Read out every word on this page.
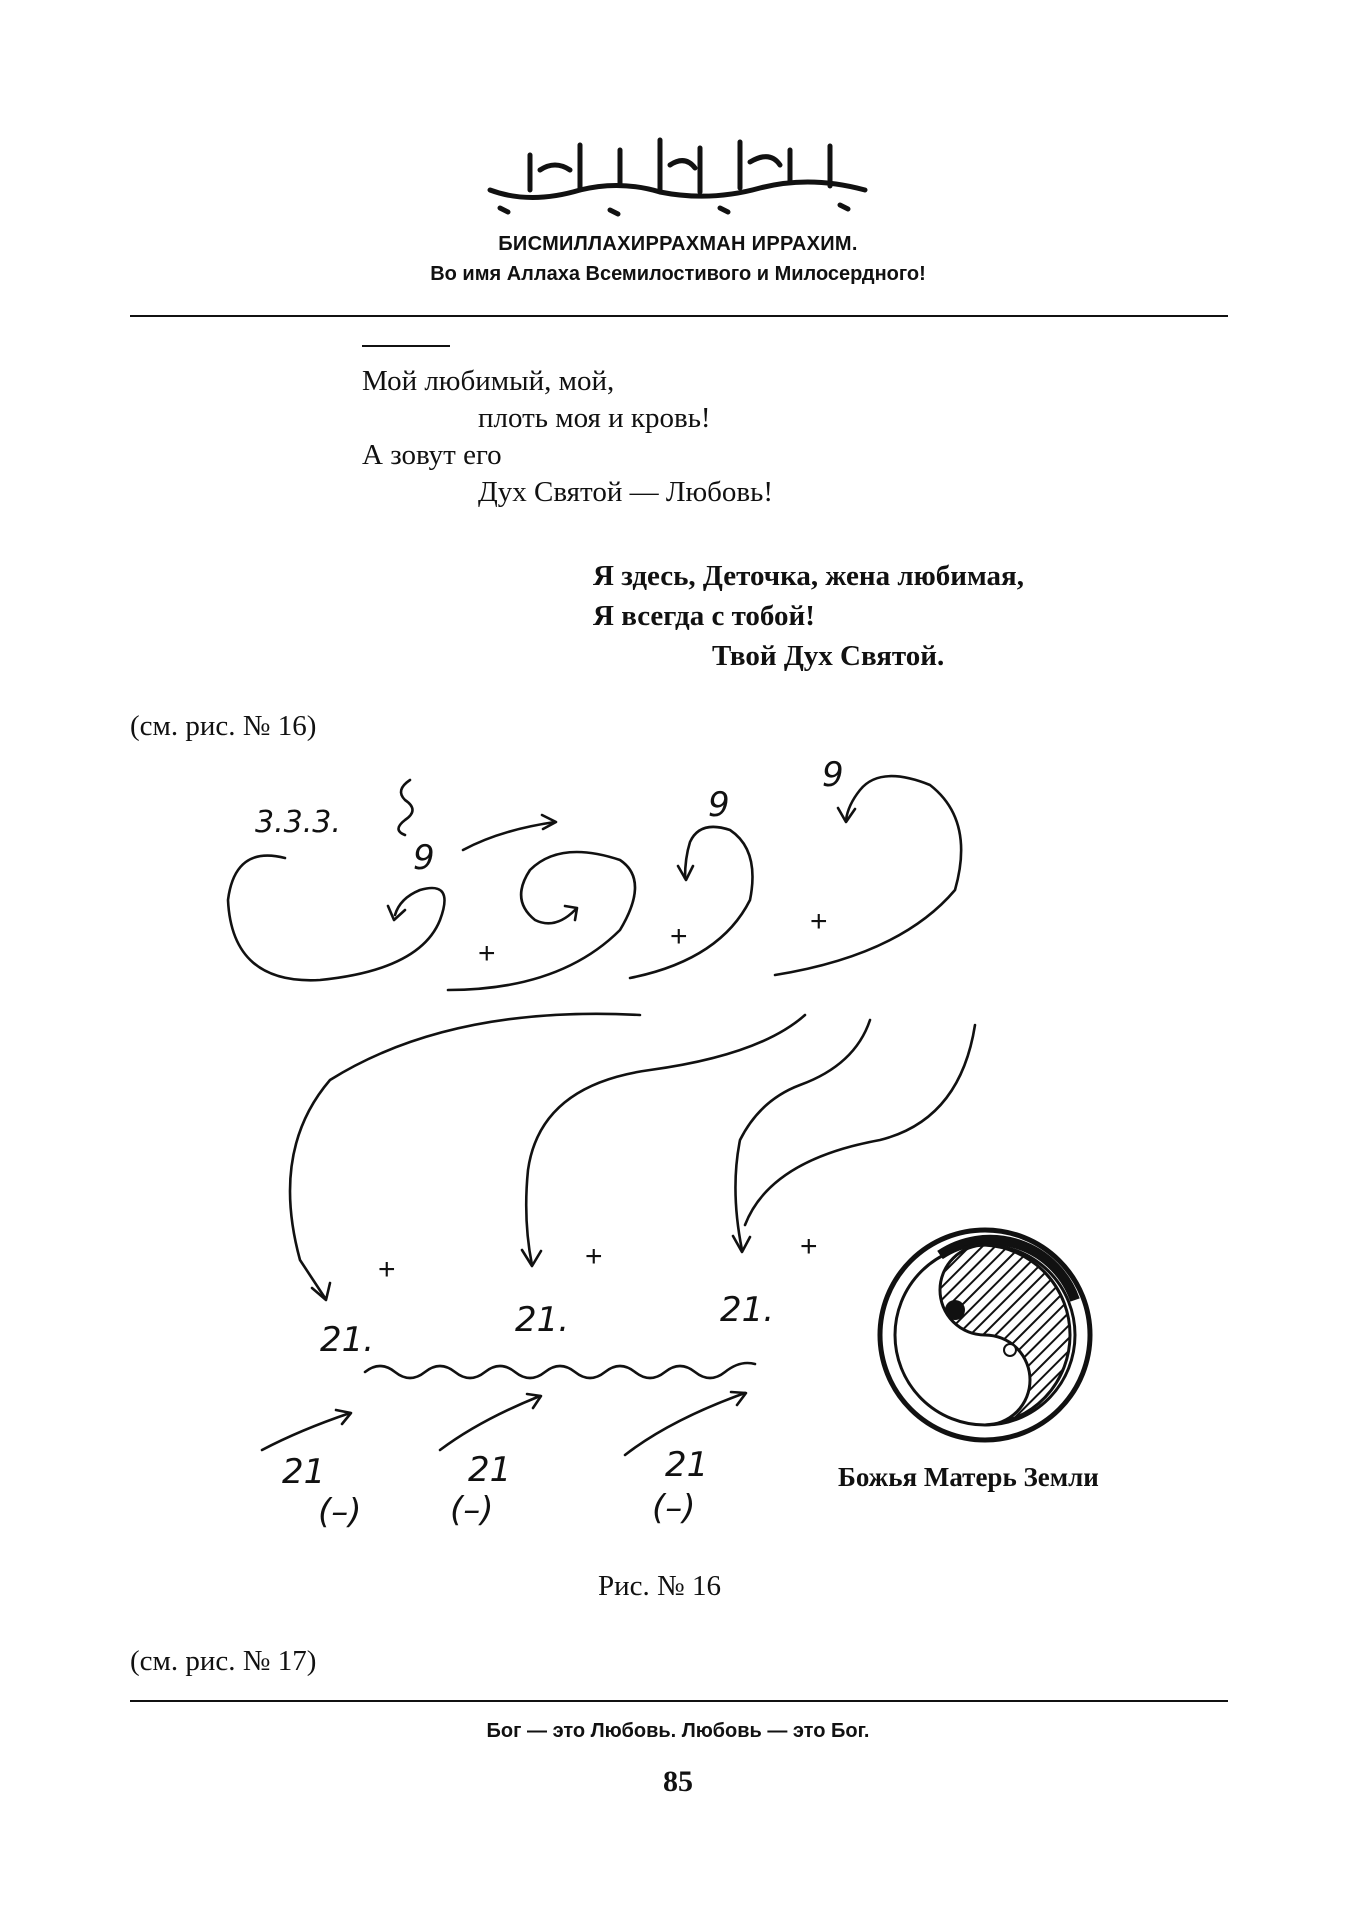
БИСМИЛЛАХИРРАХМАН ИРРАХИМ.
Во имя Аллаха Всемилостивого и Милосердного!
Мой любимый, мой,
плоть моя и кровь!
А зовут его
Дух Святой — Любовь!
Я здесь, Деточка, жена любимая,
Я всегда с тобой!
Твой Дух Святой.
(см. рис. № 16)
3.3.3.
9
9
9
+
+	+
+	+	+
21.	21.	21.
21	21	21
(–)	(–)	(–)
Божья Матерь Земли
Рис. № 16
(см. рис. № 17)
Бог — это Любовь. Любовь — это Бог.
85
